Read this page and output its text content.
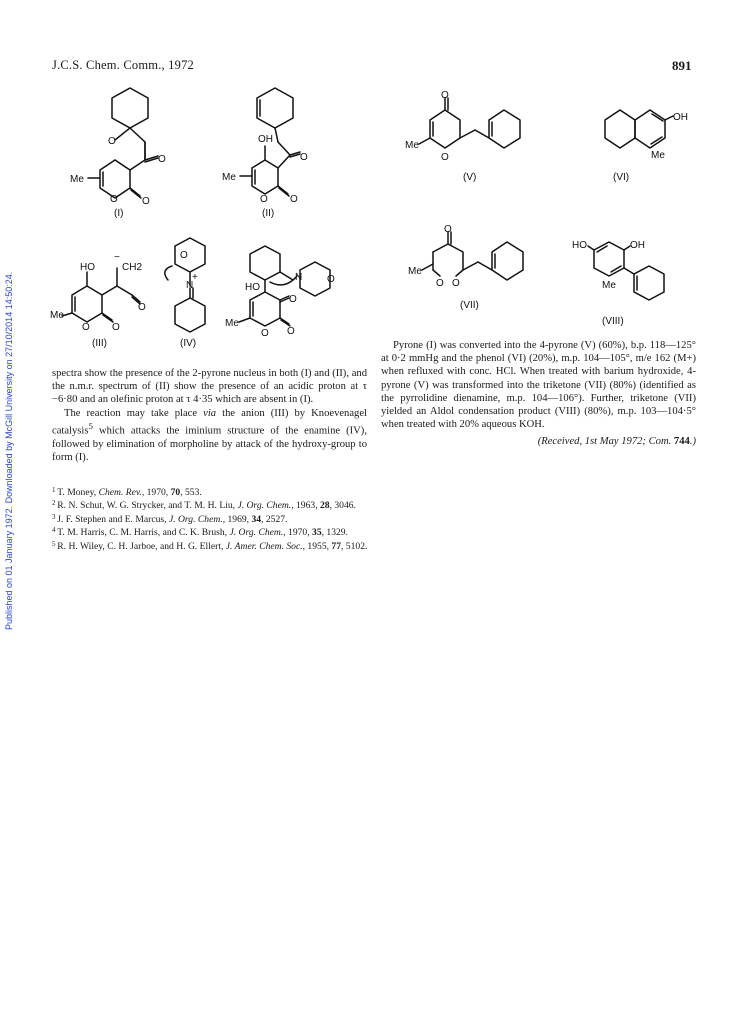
Published on 01 January 1972. Downloaded by McGill University on 27/10/2014 14:50:24.
J.C.S. Chem. Comm., 1972	891
O
O
Me
O O
(I)
OH
O
Me
O O
(II)
O
Me
O
(V)
OH
Me
(VI)
HO	CH2
−
O
O O
Me
(III)
O
N
+
(IV)
HO
N O
O
O O
Me
O
Me
O O
(VII)
HO	OH
Me
(VIII)

spectra show the presence of the 2-pyrone nucleus in both (I) and (II), and the n.m.r. spectrum of (II) show the presence of an acidic proton at τ −6·80 and an olefinic proton at τ 4·35 which are absent in (I).

The reaction may take place via the anion (III) by Knoevenagel catalysis$^5$ which attacks the iminium structure of the enamine (IV), followed by elimination of morpholine by attack of the hydroxy-group to form (I).

Pyrone (I) was converted into the 4-pyrone (V) (60%), b.p. 118—125° at 0·2 mmHg and the phenol (VI) (20%), m.p. 104—105°, m/e 162 (M+) when refluxed with conc. HCl. When treated with barium hydroxide, 4-pyrone (V) was transformed into the triketone (VII) (80%) (identified as the pyrrolidine dienamine, m.p. 104—106°). Further, triketone (VII) yielded an Aldol condensation product (VIII) (80%), m.p. 103—104·5° when treated with 20% aqueous KOH.

(Received, 1st May 1972; Com. 744.)

$^1$ T. Money, Chem. Rev., 1970, 70, 553.
$^2$ R. N. Schut, W. G. Strycker, and T. M. H. Liu, J. Org. Chem., 1963, 28, 3046.
$^3$ J. F. Stephen and E. Marcus, J. Org. Chem., 1969, 34, 2527.
$^4$ T. M. Harris, C. M. Harris, and C. K. Brush, J. Org. Chem., 1970, 35, 1329.
$^5$ R. H. Wiley, C. H. Jarboe, and H. G. Ellert, J. Amer. Chem. Soc., 1955, 77, 5102.
